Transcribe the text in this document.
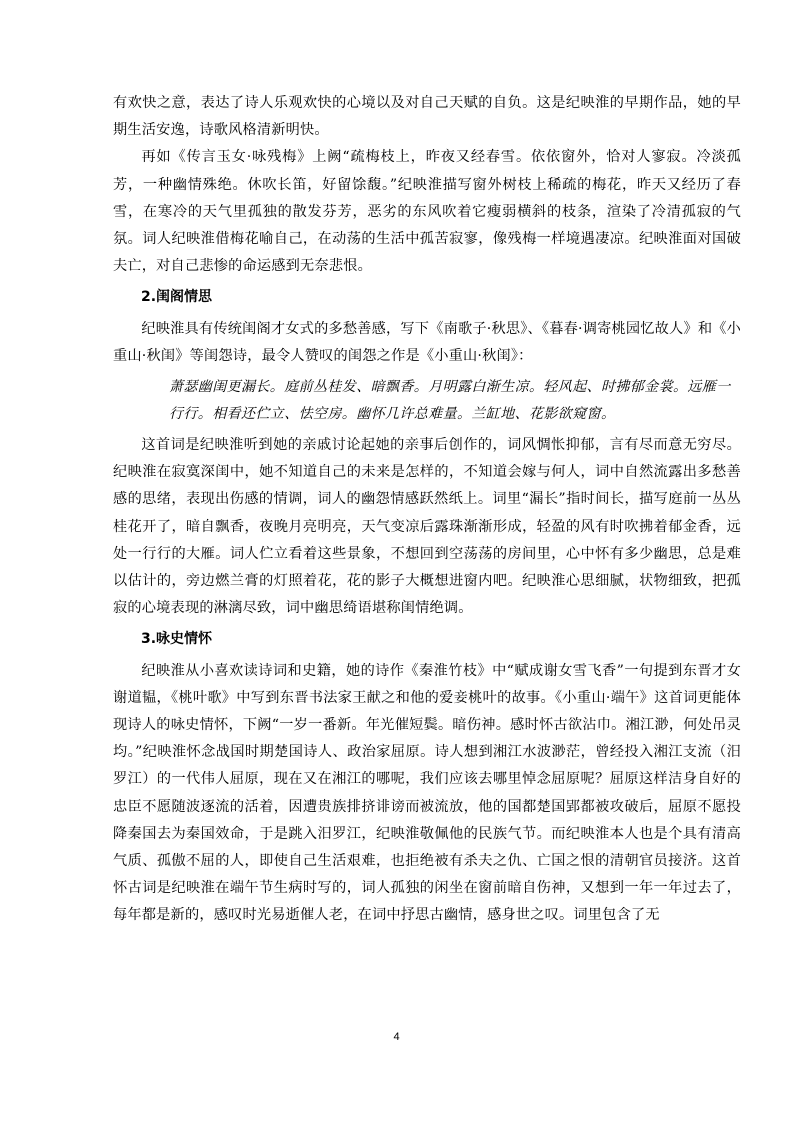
有欢快之意，表达了诗人乐观欢快的心境以及对自己天赋的自负。这是纪映淮的早期作品，她的早期生活安逸，诗歌风格清新明快。

再如《传言玉女·咏残梅》上阙“疏梅枝上，昨夜又经春雪。依依窗外，恰对人寥寂。冷淡孤芳，一种幽情殊绝。休吹长笛，好留馀馥。”纪映淮描写窗外树枝上稀疏的梅花，昨天又经历了春雪，在寒冷的天气里孤独的散发芬芳，恶劣的东风吹着它瘦弱横斜的枝条，渲染了冷清孤寂的气氛。词人纪映淮借梅花喻自己，在动荡的生活中孤苦寂寥，像残梅一样境遇凄凉。纪映淮面对国破夫亡，对自己悲惨的命运感到无奈悲恨。

2.闺阁情思

纪映淮具有传统闺阁才女式的多愁善感，写下《南歌子·秋思》、《暮春·调寄桃园忆故人》和《小重山·秋闺》等闺怨诗，最令人赞叹的闺怨之作是《小重山·秋闺》：

萧瑟幽闺更漏长。庭前丛桂发、暗飘香。月明露白渐生凉。轻风起、时拂郁金裳。远雁一行行。相看还伫立、怯空房。幽怀几许总难量。兰缸地、花影欲窥窗。

这首词是纪映淮听到她的亲戚讨论起她的亲事后创作的，词风惆怅抑郁，言有尽而意无穷尽。纪映淮在寂寞深闺中，她不知道自己的未来是怎样的，不知道会嫁与何人，词中自然流露出多愁善感的思绪，表现出伤感的情调，词人的幽怨情感跃然纸上。词里“漏长”指时间长，描写庭前一丛丛桂花开了，暗自飘香，夜晚月亮明亮，天气变凉后露珠渐渐形成，轻盈的风有时吹拂着郁金香，远处一行行的大雁。词人伫立看着这些景象，不想回到空荡荡的房间里，心中怀有多少幽思，总是难以估计的，旁边燃兰膏的灯照着花，花的影子大概想进窗内吧。纪映淮心思细腻，状物细致，把孤寂的心境表现的淋漓尽致，词中幽思绮语堪称闺情绝调。

3.咏史情怀

纪映淮从小喜欢读诗词和史籍，她的诗作《秦淮竹枝》中“赋成谢女雪飞香”一句提到东晋才女谢道韫，《桃叶歌》中写到东晋书法家王献之和他的爱妾桃叶的故事。《小重山·端午》这首词更能体现诗人的咏史情怀，下阙“一岁一番新。年光催短鬓。暗伤神。感时怀古欲沾巾。湘江渺，何处吊灵均。”纪映淮怀念战国时期楚国诗人、政治家屈原。诗人想到湘江水波渺茫，曾经投入湘江支流（汨罗江）的一代伟人屈原，现在又在湘江的哪呢，我们应该去哪里悼念屈原呢？屈原这样洁身自好的忠臣不愿随波逐流的活着，因遭贵族排挤诽谤而被流放，他的国都楚国郢都被攻破后，屈原不愿投降秦国去为秦国效命，于是跳入汨罗江，纪映淮敬佩他的民族气节。而纪映淮本人也是个具有清高气质、孤傲不屈的人，即使自己生活艰难，也拒绝被有杀夫之仇、亡国之恨的清朝官员接济。这首怀古词是纪映淮在端午节生病时写的，词人孤独的闲坐在窗前暗自伤神，又想到一年一年过去了，每年都是新的，感叹时光易逝催人老，在词中抒思古幽情，感身世之叹。词里包含了无

4
